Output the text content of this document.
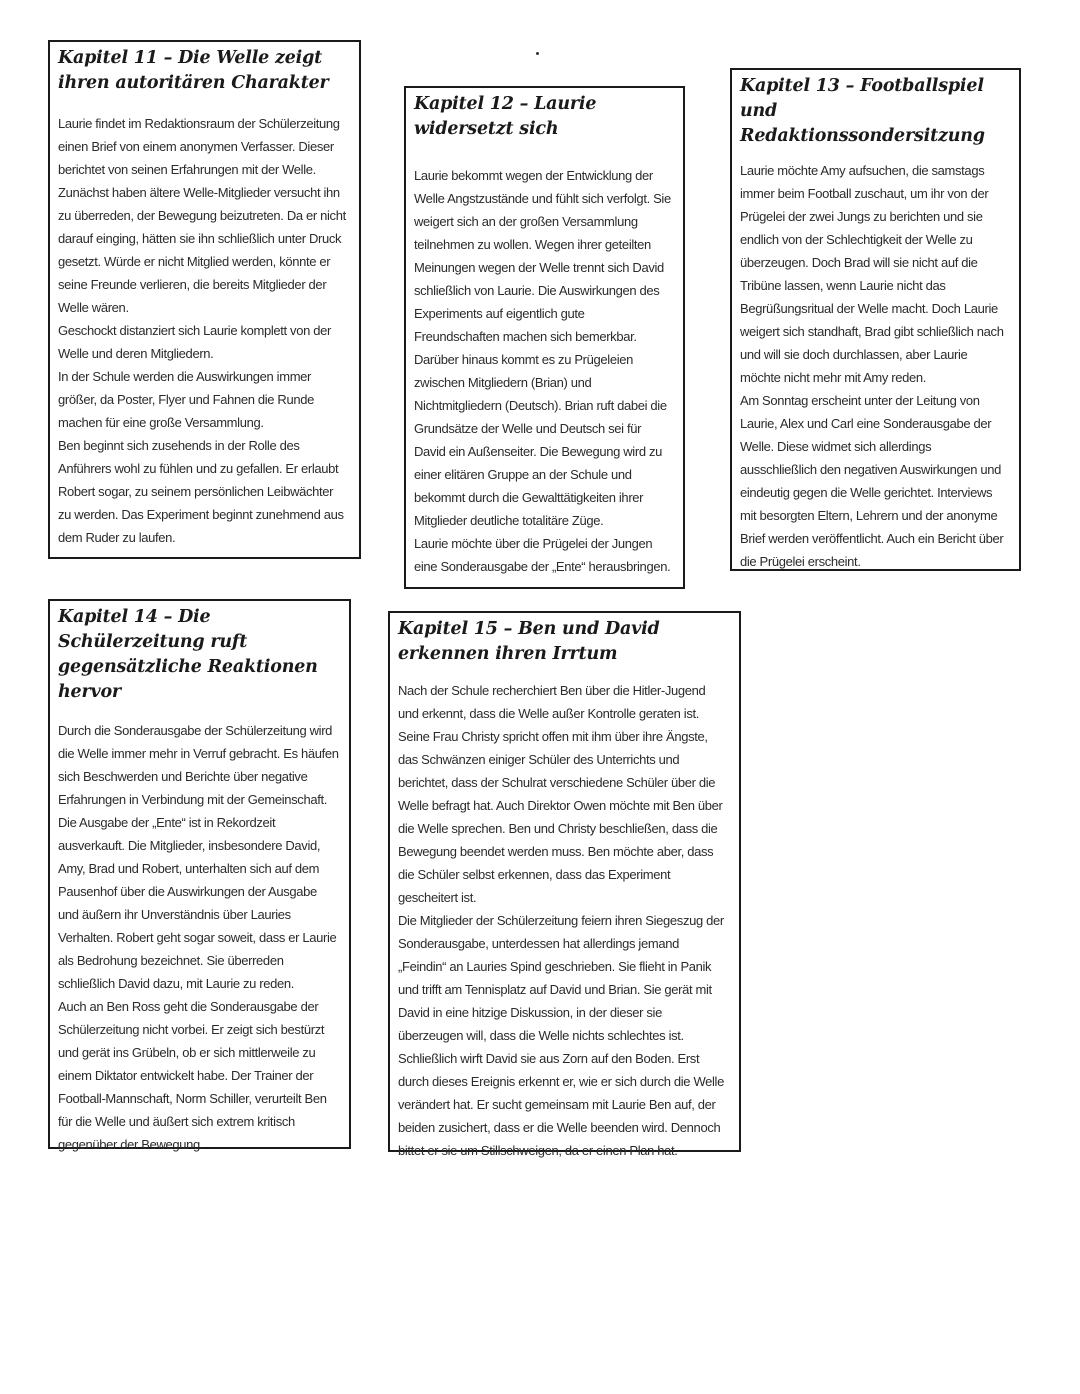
Kapitel 11 – Die Welle zeigt ihren autoritären Charakter

Laurie findet im Redaktionsraum der Schülerzeitung einen Brief von einem anonymen Verfasser. Dieser berichtet von seinen Erfahrungen mit der Welle. Zunächst haben ältere Welle-Mitglieder versucht ihn zu überreden, der Bewegung beizutreten. Da er nicht darauf einging, hätten sie ihn schließlich unter Druck gesetzt. Würde er nicht Mitglied werden, könnte er seine Freunde verlieren, die bereits Mitglieder der Welle wären.

Geschockt distanziert sich Laurie komplett von der Welle und deren Mitgliedern.

In der Schule werden die Auswirkungen immer größer, da Poster, Flyer und Fahnen die Runde machen für eine große Versammlung.

Ben beginnt sich zusehends in der Rolle des Anführers wohl zu fühlen und zu gefallen. Er erlaubt Robert sogar, zu seinem persönlichen Leibwächter zu werden. Das Experiment beginnt zunehmend aus dem Ruder zu laufen.

Kapitel 12 – Laurie widersetzt sich

Laurie bekommt wegen der Entwicklung der Welle Angstzustände und fühlt sich verfolgt. Sie weigert sich an der großen Versammlung teilnehmen zu wollen. Wegen ihrer geteilten Meinungen wegen der Welle trennt sich David schließlich von Laurie. Die Auswirkungen des Experiments auf eigentlich gute Freundschaften machen sich bemerkbar.

Darüber hinaus kommt es zu Prügeleien zwischen Mitgliedern (Brian) und Nichtmitgliedern (Deutsch). Brian ruft dabei die Grundsätze der Welle und Deutsch sei für David ein Außenseiter. Die Bewegung wird zu einer elitären Gruppe an der Schule und bekommt durch die Gewalttätigkeiten ihrer Mitglieder deutliche totalitäre Züge.

Laurie möchte über die Prügelei der Jungen eine Sonderausgabe der „Ente“ herausbringen.

Kapitel 13 – Footballspiel und Redaktionssondersitzung

Laurie möchte Amy aufsuchen, die samstags immer beim Football zuschaut, um ihr von der Prügelei der zwei Jungs zu berichten und sie endlich von der Schlechtigkeit der Welle zu überzeugen. Doch Brad will sie nicht auf die Tribüne lassen, wenn Laurie nicht das Begrüßungsritual der Welle macht. Doch Laurie weigert sich standhaft, Brad gibt schließlich nach und will sie doch durchlassen, aber Laurie möchte nicht mehr mit Amy reden.

Am Sonntag erscheint unter der Leitung von Laurie, Alex und Carl eine Sonderausgabe der Welle. Diese widmet sich allerdings ausschließlich den negativen Auswirkungen und eindeutig gegen die Welle gerichtet. Interviews mit besorgten Eltern, Lehrern und der anonyme Brief werden veröffentlicht. Auch ein Bericht über die Prügelei erscheint.

Kapitel 14 – Die Schülerzeitung ruft gegensätzliche Reaktionen hervor

Durch die Sonderausgabe der Schülerzeitung wird die Welle immer mehr in Verruf gebracht. Es häufen sich Beschwerden und Berichte über negative Erfahrungen in Verbindung mit der Gemeinschaft. Die Ausgabe der „Ente“ ist in Rekordzeit ausverkauft. Die Mitglieder, insbesondere David, Amy, Brad und Robert, unterhalten sich auf dem Pausenhof über die Auswirkungen der Ausgabe und äußern ihr Unverständnis über Lauries Verhalten. Robert geht sogar soweit, dass er Laurie als Bedrohung bezeichnet. Sie überreden schließlich David dazu, mit Laurie zu reden.

Auch an Ben Ross geht die Sonderausgabe der Schülerzeitung nicht vorbei. Er zeigt sich bestürzt und gerät ins Grübeln, ob er sich mittlerweile zu einem Diktator entwickelt habe. Der Trainer der Football-Mannschaft, Norm Schiller, verurteilt Ben für die Welle und äußert sich extrem kritisch gegenüber der Bewegung.

Kapitel 15 – Ben und David erkennen ihren Irrtum

Nach der Schule recherchiert Ben über die Hitler-Jugend und erkennt, dass die Welle außer Kontrolle geraten ist. Seine Frau Christy spricht offen mit ihm über ihre Ängste, das Schwänzen einiger Schüler des Unterrichts und berichtet, dass der Schulrat verschiedene Schüler über die Welle befragt hat. Auch Direktor Owen möchte mit Ben über die Welle sprechen. Ben und Christy beschließen, dass die Bewegung beendet werden muss. Ben möchte aber, dass die Schüler selbst erkennen, dass das Experiment gescheitert ist.

Die Mitglieder der Schülerzeitung feiern ihren Siegeszug der Sonderausgabe, unterdessen hat allerdings jemand „Feindin“ an Lauries Spind geschrieben. Sie flieht in Panik und trifft am Tennisplatz auf David und Brian. Sie gerät mit David in eine hitzige Diskussion, in der dieser sie überzeugen will, dass die Welle nichts schlechtes ist. Schließlich wirft David sie aus Zorn auf den Boden. Erst durch dieses Ereignis erkennt er, wie er sich durch die Welle verändert hat. Er sucht gemeinsam mit Laurie Ben auf, der beiden zusichert, dass er die Welle beenden wird. Dennoch bittet er sie um Stillschweigen, da er einen Plan hat.
